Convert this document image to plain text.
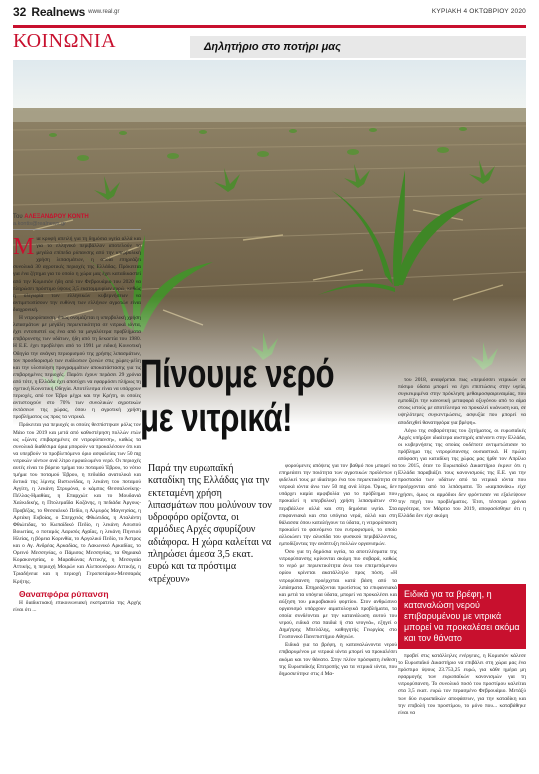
32 Realnews www.real.gr	ΚΥΡΙΑΚΗ 4 ΟΚΤΩΒΡΙΟΥ 2020
ΚΟΙΝΩΝΙΑ	Δηλητήριο στο ποτήρι μας
Του ΑΛΕΞΑΝΔΡΟΥ ΚΟΝΤΗ
a.kontis@realnews.gr

Μια κρυφή απειλή για τη δημόσια υγεία αλλά και για το ελληνικό περιβάλλον αποτελούν τα μεγάλα επίπεδα ρύπανσης από την υπερβολική χρήση λιπασμάτων, η οποία επηρεάζει συνολικά 30 αγροτικές περιοχές της Ελλάδας. Πρόκειται για ένα ζήτημα για το οποίο η χώρα μας έχει καταδικαστεί από την Κομισιόν ήδη από τον Φεβρουάριο του 2020 να πληρώσει πρόστιμο ύψους 3,5 εκατομμυρίων ευρώ, καθώς η ολιγωρία των ελληνικών κυβερνήσεων να αντιμετωπίσουν την ευθύνη των ελλήνων αγροτών είναι διαχρονική.

Η νιτρορύπανση, όπως ονομάζεται η υπερβολική χρήση λιπασμάτων με μεγάλη περιεκτικότητα σε νιτρικά ιόντα, έχει εντοπιστεί ως ένα από τα μεγαλύτερα προβλήματα επιβάρυνσης των υδάτων, ήδη από τη δεκαετία του 1980. Η Ε.Ε. έχει προβλέψει από το 1991 με ειδική Κοινοτική Οδηγία την ανάγκη περιορισμού της χρήσης λιπασμάτων, τον προσδιορισμό των ευάλωτων ζωνών στις χώρες-μέλη και την υλοποίηση προγραμμάτων αποκατάστασης για τις επιβαρημένες περιοχές. Παρότι έχουν περάσει 29 χρόνια από τότε, η Ελλάδα έχει αποτύχει να εφαρμόσει πλήρως τη σχετική Κοινοτική Οδηγία. Αποτέλεσμα είναι να υπάρχουν περιοχές, από τον Έβρο μέχρι και την Κρήτη, οι οποίες αντιστοιχούν στο 70% των συνολικών αγροτικών εκτάσεων της χώρας, όπου η αγροτική χρήση προβλήματος ως προς τα νιτρικά.

Πρόκειται για περιοχές οι οποίες θεσπίστηκαν μόλις τον Μάιο του 2019 και μετά από καθυστέρηση πολλών ετών ως «ζώνες επιβαρημένες σε νιτρορύπανση», καθώς τα συνολικά διαθέσιμα όρια μπορούν να προκαλέσουν ότι και να υπερβούν το προβλεπόμενο όριο ασφαλείας των 50 mg νιτρικών ιόντων ανά λίτρο εμφιαλωμένο νερό. Οι περιοχές αυτές είναι το βόρειο τμήμα του ποταμού Έβρου, το νότιο τμήμα του ποταμού Έβρου, η πεδιάδα ανατολικά και δυτικά της λίμνης Βιστωνίδας, η λεκάνη του ποταμού Αγγίτη, η λεκάνη Στρυμόνα, ο κάμπος Θεσσαλονίκης-Πέλλας-Ημαθίας, η Επαρχιώτ και το Μουδανιά Χαλκιδικής, η Πτολεμαΐδα Κοζάνης, η πεδιάδα Άργους-Προβέζας, το Θεσσαλικό Πεδίο, η Αλμυρός Μαγνησίας, η Αρτάκη Ευβοίας, ο Σπερχειός Φθιώτιδας, η Αταλάντη Φθιώτιδας, το Κωπαϊδικό Πεδίο, η λεκάνη Ασωπού Βοιωτίας, ο ποταμός Λαρισός Αχαΐας, η λεκάνη Πηνειού Ηλείας, η βόρεια Κορινθία, το Αργολικό Πεδίο, το Άστρος και ο Αγ. Ανδρέας Αρκαδίας, το Λακωνικό Αρκαδίας, το Ορεινό Μεσσηνίας, ο Πάμισος Μεσσηνίας, τα Θηριακά Κορακονησίας, ο Μαραθώνας Αττικής, η Μεσογαία Αττικής, η περιοχή Μοιρών και Αλεπουνόρου Αττικής, η Τριαδήνεια και η περιοχή Γεροποτάμου-Μεσσαράς Κρήτης.

Θαναπφόρα ρύπανση

Η διαδικτυακή επικοινωνιακή εκστρατεία της Αρχής είναι ότι ...

Πίνουμε νερό
με νιτρικά!

του 2018, αναφέρεται πως «περιόσσει νιτρικών σε πόσιμο ύδατα μπορεί να έχει επιπτώσεις στην υγεία, συγκεκριμένα στην πρόκληση μεθαιμοσφαιριναιμίας, που εμποδίζει την κανονική μεταφορά οξυγόνου από το αίμα στους ιστούς με αποτέλεσμα να προκαλεί κυάνωση και, σε υψηλότερες συγκεντρώσεις, ασφυξία που μπορεί να αποδειχθεί θανατηφόρα για βρέφη».

Λόγω της σοβαρότητας του ζητήματος, οι ευρωπαϊκές Αρχές υπήρξαν ιδιαίτερα αυστηρές απέναντι στην Ελλάδα, οι κυβερνήσεις της οποίας ουδέποτε αντιμετώπισαν το πρόβλημα της νιτρορύπανσης ουσιαστικά. Η πρώτη απόφαση για καταδίκη της χώρας μας ήρθε τον Απρίλιο του 2015, όταν το Ευρωπαϊκό Δικαστήριο έκρινε ότι η Ελλάδα παραβιάζει τους κανονισμούς της Ε.Ε. για την προστασία των υδάτων από τα νιτρικά ιόντα που προέρχονται από τα λιπάσματα. Το «καμπανάκι» είχε ηχήσει, όμως οι αρμόδιοι δεν φρόντισαν να εξαλείψουν την πηγή του προβλήματος. Έτσι, τέσσερα χρόνια αργότερα, τον Μάρτιο του 2019, αποφασίσθηκε ότι η Ελλάδα δεν είχε ακόμη

Παρά την ευρωπαϊκή καταδίκη της Ελλάδας για την εκτεταμένη χρήση λιπασμάτων που μολύνουν τον υδροφόρο ορίζοντα, οι αρμόδιες Αρχές σφυρίζουν αδιάφορα. Η χώρα καλείται να πληρώσει άμεσα 3,5 εκατ. ευρώ και τα πρόστιμα «τρέχουν»

φορούμενες απόψεις για τον βαθμό που μπορεί να επηρεάσει την ποιότητα των αγροτικών προϊόντων η φιδελκεί τους με ιδιαίτερο ένα του περιεκτικότητα σε νιτρικά ιόντα άνω των 50 mg ανά λίτρο. Όμως, δεν υπάρχει καμία αμφιβολία για το πρόβλημα που προκαλεί η υπερβολική χρήση λιπασμάτων στο περιβάλλον αλλά και στη δημόσια υγεία. Στα επιφανειακά και στα υπόγεια νερά, αλλά και στη θάλασσα όπου καταλήγουν τα ύδατα, η νιτρορύπανση προκαλεί το φαινόμενο του ευτροφισμού, το οποίο αλλοιώνει την αλυσίδα του φυσικού περιβάλλοντος, εμποδίζοντας την ανάπτυξη πολλών οργανισμών.

Όσο για τη δημόσια υγεία, τα αποτελέσματα της νιτρορύπανσης κρίνονται ακόμη πιο σοβαρά, καθώς το νερό με περιεκτικότητα άνω του επιτρεπόμενου ορίου κρίνεται ακατάλληλο προς πόση. «Η νιτρορύπανση προέρχεται κατά βάση από τα λιπάσματα. Επηρεάζονται πρωτίστως τα επιφανειακά και μετά τα υπόγεια ύδατα, μπορεί να προκαλέσει και αύξηση του μικροβιακού φορτίου. Στον ανθρώπινο οργανισμό υπάρχουν αιματολογικά προβλήματα, τα οποία συνδέονται με την κατανάλωση αυτού του νερού, ειδικά στα παιδιά ή στα νεογνά», εξηγεί ο Δημήτρης Μπελάλης, καθηγητής Γεωργίας στο Γεωπονικό Πανεπιστήμιο Αθηνών.

Ειδικά για τα βρέφη, η καταναλώνοντα νερού επιβαρυμένου με νιτρικά ιόντα μπορεί να προκαλέσει ακόμα και τον θάνατο. Στην πλέον πρόσφατη έκθεση της Ευρωπαϊκής Επιτροπής για τα νιτρικά ιόντα, που δημοσιεύτηκε στις 4 Μα-

Ειδικά για τα βρέφη, η καταναλώση νερού επιβαρυμένου με νιτρικά μπορεί να προκαλέσει ακόμα και τον θάνατο

προβεί στις κατάλληλες ενέργειες, η Κομισιόν κάλεσε το Ευρωπαϊκό Δικαστήριο να επιβάλει στη χώρα μας ένα πρόστιμο ύψους 23.753,25 ευρώ, για κάθε ημέρα μη εφαρμογής των ευρωπαϊκών κανονισμών για τη νιτρορύπανση. Το συνολικό ποσό του προστίμου καλείται στα 3,5 εκατ. ευρώ τον περασμένο Φεβρουάριο. Μετάξύ των δύο ευρωπαϊκών αποφάσεων, για την καταδίκη και την επιβολή του προστίμου, το μόνο που... καταβάθηκε είναι να
